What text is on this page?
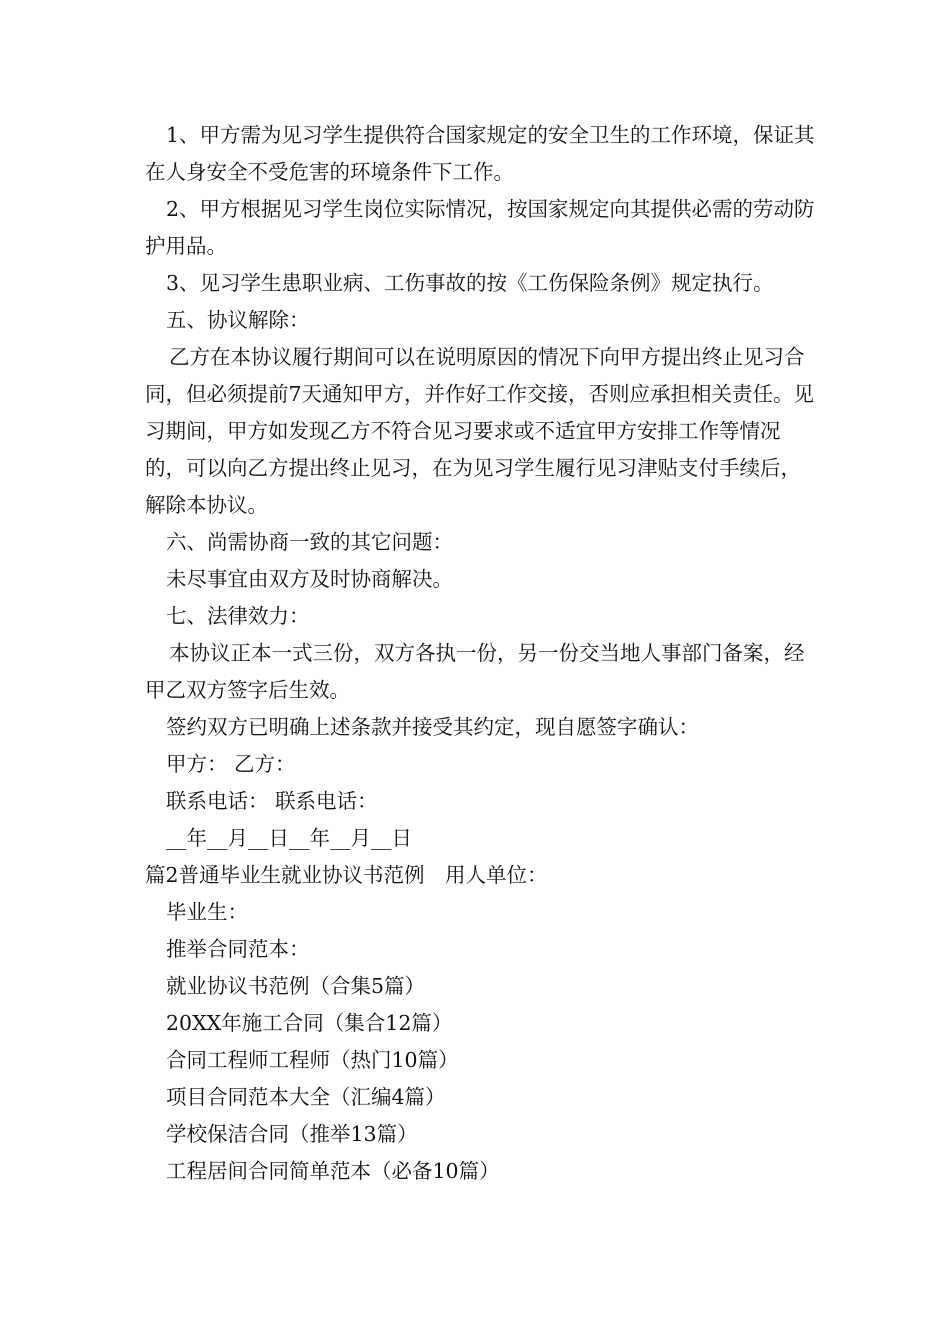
1、甲方需为见习学生提供符合国家规定的安全卫生的工作环境，保证其在人身安全不受危害的环境条件下工作。

2、甲方根据见习学生岗位实际情况，按国家规定向其提供必需的劳动防护用品。

3、见习学生患职业病、工伤事故的按《工伤保险条例》规定执行。

五、协议解除：

乙方在本协议履行期间可以在说明原因的情况下向甲方提出终止见习合同，但必须提前7天通知甲方，并作好工作交接，否则应承担相关责任。见习期间，甲方如发现乙方不符合见习要求或不适宜甲方安排工作等情况的，可以向乙方提出终止见习，在为见习学生履行见习津贴支付手续后，解除本协议。

六、尚需协商一致的其它问题：

未尽事宜由双方及时协商解决。

七、法律效力：

本协议正本一式三份，双方各执一份，另一份交当地人事部门备案，经甲乙双方签字后生效。

签约双方已明确上述条款并接受其约定，现自愿签字确认：

甲方： 乙方：

联系电话： 联系电话：

__年__月__日__年__月__日

篇2普通毕业生就业协议书范例　用人单位：

毕业生：

推举合同范本：

就业协议书范例（合集5篇）

20XX年施工合同（集合12篇）

合同工程师工程师（热门10篇）

项目合同范本大全（汇编4篇）

学校保洁合同（推举13篇）

工程居间合同简单范本（必备10篇）
